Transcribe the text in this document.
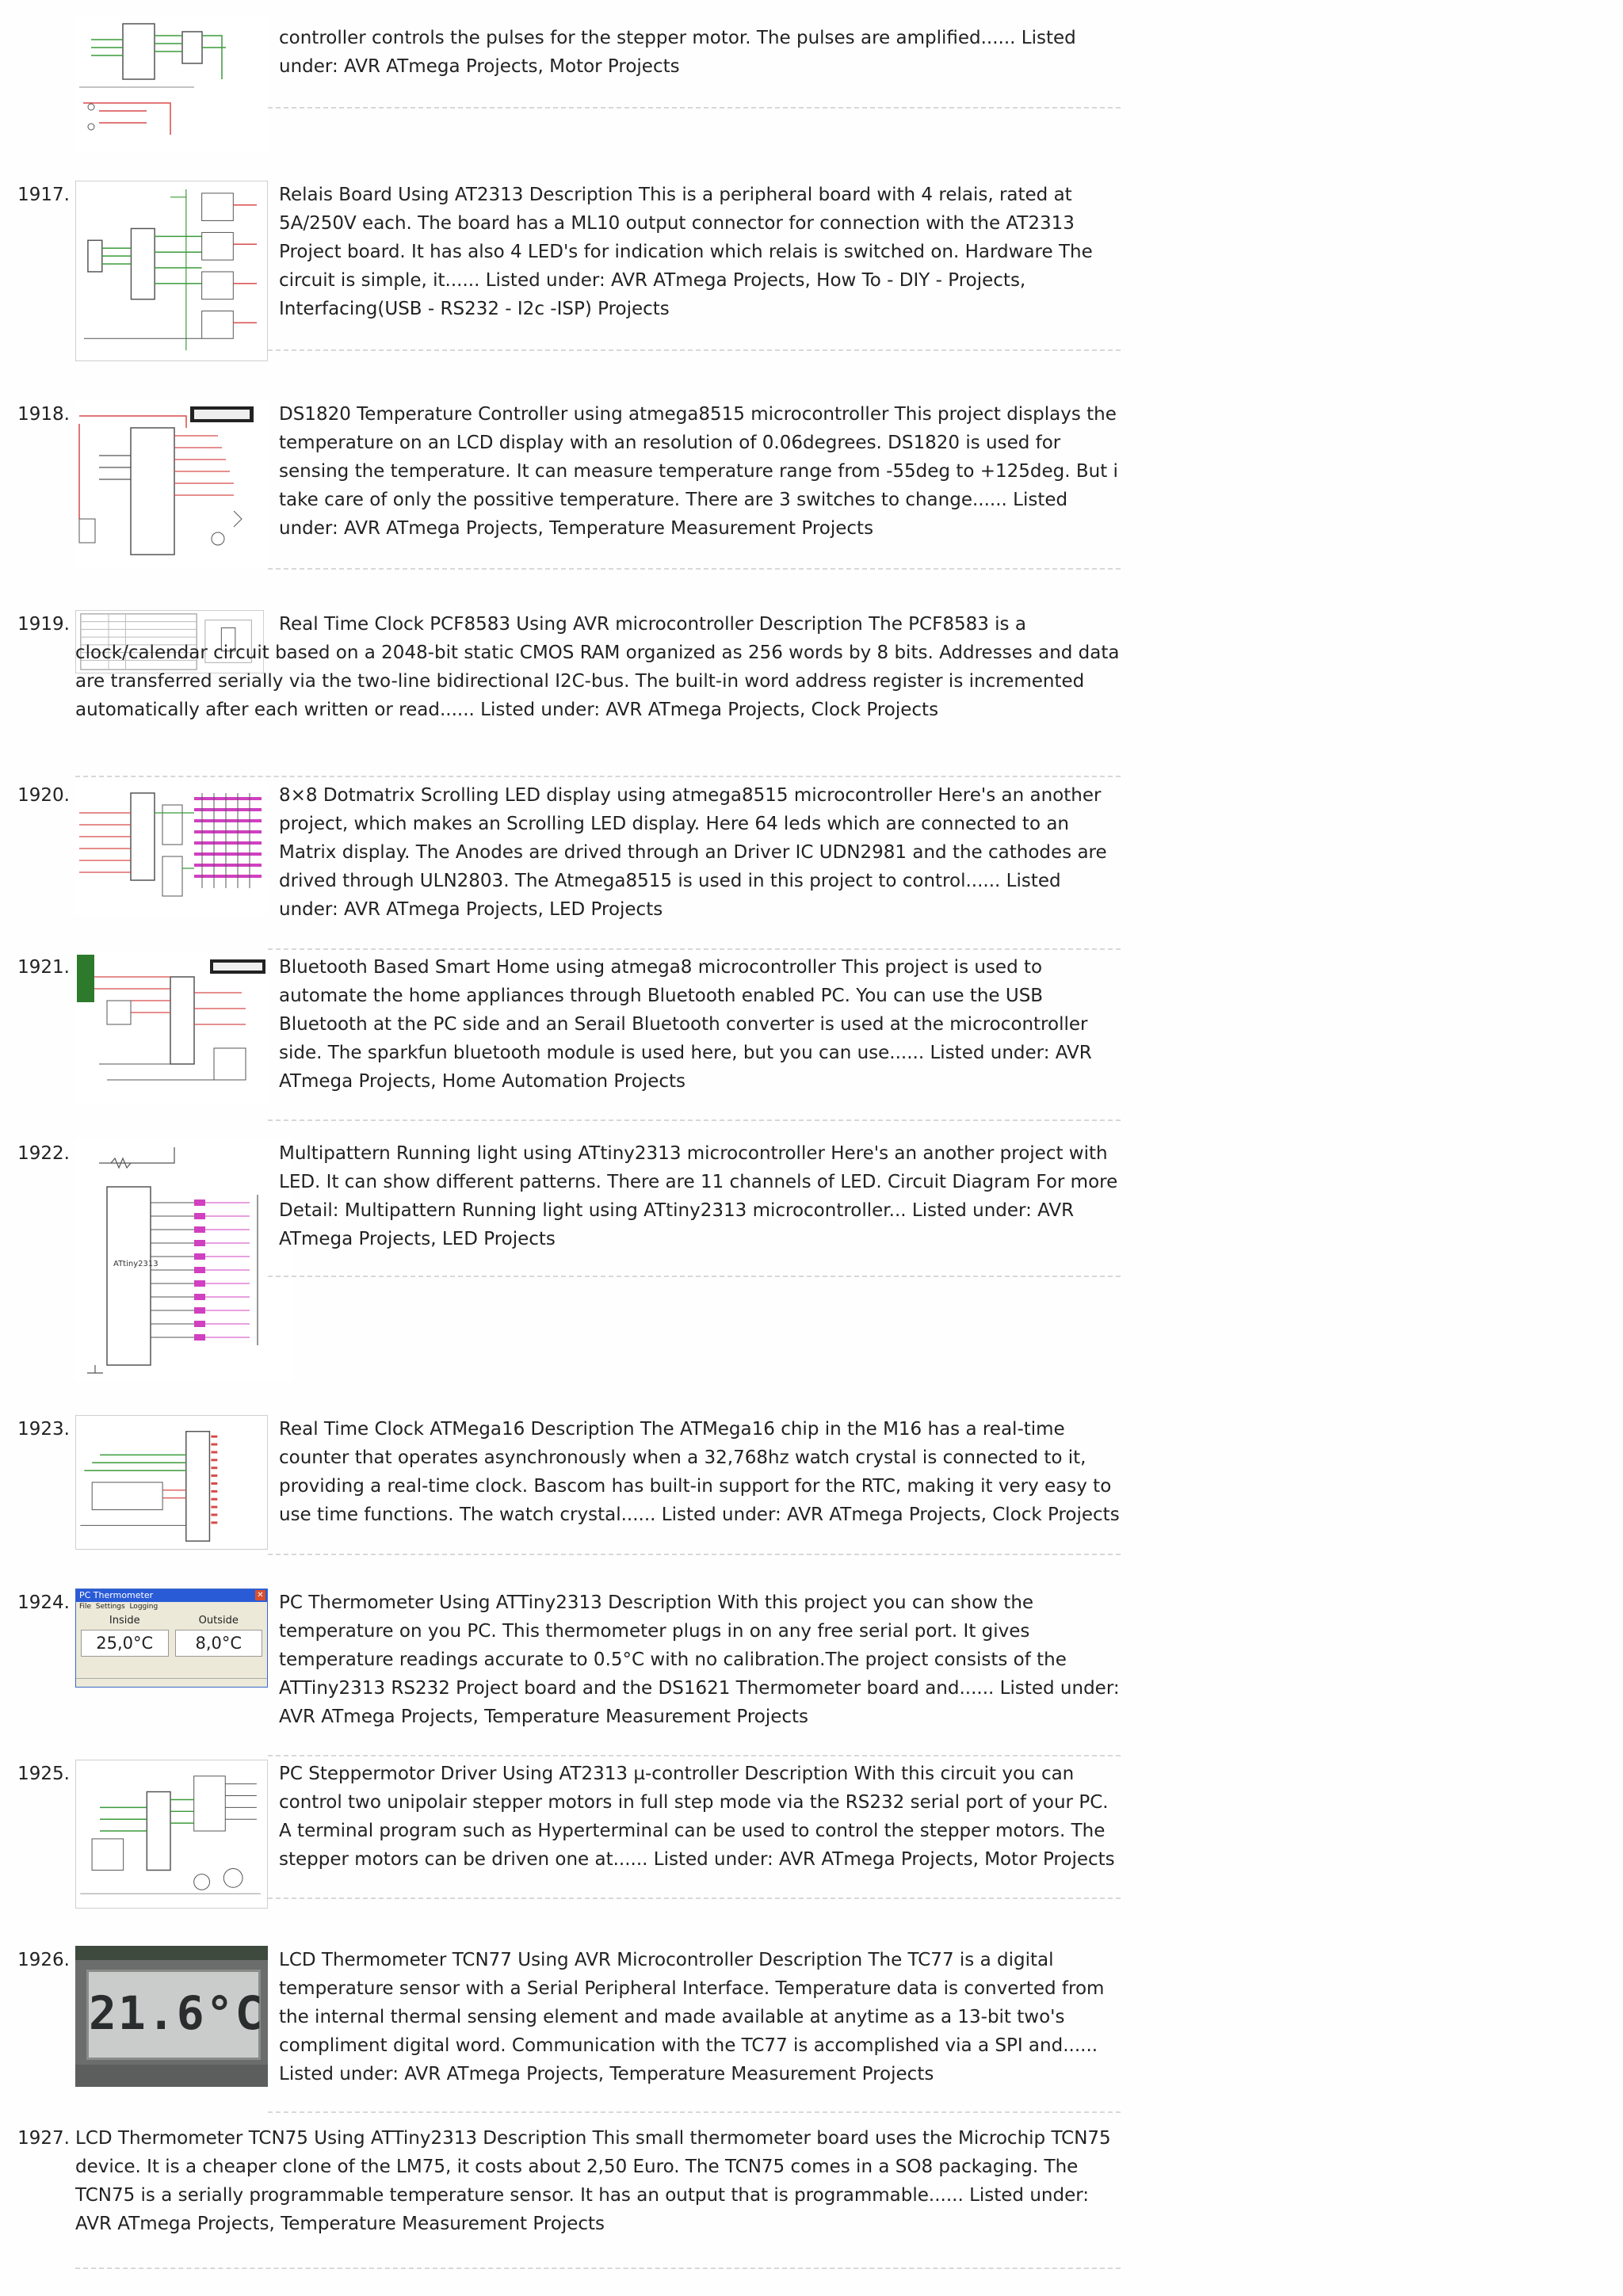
controller controls the pulses for the stepper motor. The pulses are amplified...... Listed under: AVR ATmega Projects, Motor Projects

1917.	Relais Board Using AT2313 Description This is a peripheral board with 4 relais, rated at 5A/250V each. The board has a ML10 output connector for connection with the AT2313 Project board. It has also 4 LED's for indication which relais is switched on. Hardware The circuit is simple, it...... Listed under: AVR ATmega Projects, How To - DIY - Projects, Interfacing(USB - RS232 - I2c -ISP) Projects

1918.	DS1820 Temperature Controller using atmega8515 microcontroller This project displays the temperature on an LCD display with an resolution of 0.06degrees. DS1820 is used for sensing the temperature. It can measure temperature range from -55deg to +125deg. But i take care of only the possitive temperature. There are 3 switches to change...... Listed under: AVR ATmega Projects, Temperature Measurement Projects

1919.	Real Time Clock PCF8583 Using AVR microcontroller Description The PCF8583 is a clock/calendar circuit based on a 2048-bit static CMOS RAM organized as 256 words by 8 bits. Addresses and data are transferred serially via the two-line bidirectional I2C-bus. The built-in word address register is incremented automatically after each written or read...... Listed under: AVR ATmega Projects, Clock Projects

1920.	8×8 Dotmatrix Scrolling LED display using atmega8515 microcontroller Here's an another project, which makes an Scrolling LED display. Here 64 leds which are connected to an Matrix display. The Anodes are drived through an Driver IC UDN2981 and the cathodes are drived through ULN2803. The Atmega8515 is used in this project to control...... Listed under: AVR ATmega Projects, LED Projects

1921.	Bluetooth Based Smart Home using atmega8 microcontroller This project is used to automate the home appliances through Bluetooth enabled PC. You can use the USB Bluetooth at the PC side and an Serail Bluetooth converter is used at the microcontroller side. The sparkfun bluetooth module is used here, but you can use...... Listed under: AVR ATmega Projects, Home Automation Projects

1922.
ATtiny2313

Multipattern Running light using ATtiny2313 microcontroller Here's an another project with LED. It can show different patterns. There are 11 channels of LED. Circuit Diagram For more Detail: Multipattern Running light using ATtiny2313 microcontroller... Listed under: AVR ATmega Projects, LED Projects

1923.	Real Time Clock ATMega16 Description The ATMega16 chip in the M16 has a real-time counter that operates asynchronously when a 32,768hz watch crystal is connected to it, providing a real-time clock. Bascom has built-in support for the RTC, making it very easy to use time functions. The watch crystal...... Listed under: AVR ATmega Projects, Clock Projects

1924.	PC Thermometer	✕
File Settings Logging
Inside
25,0°C
Outside
8,0°C

PC Thermometer Using ATTiny2313 Description With this project you can show the temperature on you PC. This thermometer plugs in on any free serial port. It gives temperature readings accurate to 0.5°C with no calibration.The project consists of the ATTiny2313 RS232 Project board and the DS1621 Thermometer board and...... Listed under: AVR ATmega Projects, Temperature Measurement Projects

1925.	PC Steppermotor Driver Using AT2313 µ-controller Description With this circuit you can control two unipolair stepper motors in full step mode via the RS232 serial port of your PC. A terminal program such as Hyperterminal can be used to control the stepper motors. The stepper motors can be driven one at...... Listed under: AVR ATmega Projects, Motor Projects

1926.
21.6°C

LCD Thermometer TCN77 Using AVR Microcontroller Description The TC77 is a digital temperature sensor with a Serial Peripheral Interface. Temperature data is converted from the internal thermal sensing element and made available at anytime as a 13-bit two's compliment digital word. Communication with the TC77 is accomplished via a SPI and...... Listed under: AVR ATmega Projects, Temperature Measurement Projects

1927. LCD Thermometer TCN75 Using ATTiny2313 Description This small thermometer board uses the Microchip TCN75 device. It is a cheaper clone of the LM75, it costs about 2,50 Euro. The TCN75 comes in a SO8 packaging. The TCN75 is a serially programmable temperature sensor. It has an output that is programmable...... Listed under: AVR ATmega Projects, Temperature Measurement Projects
